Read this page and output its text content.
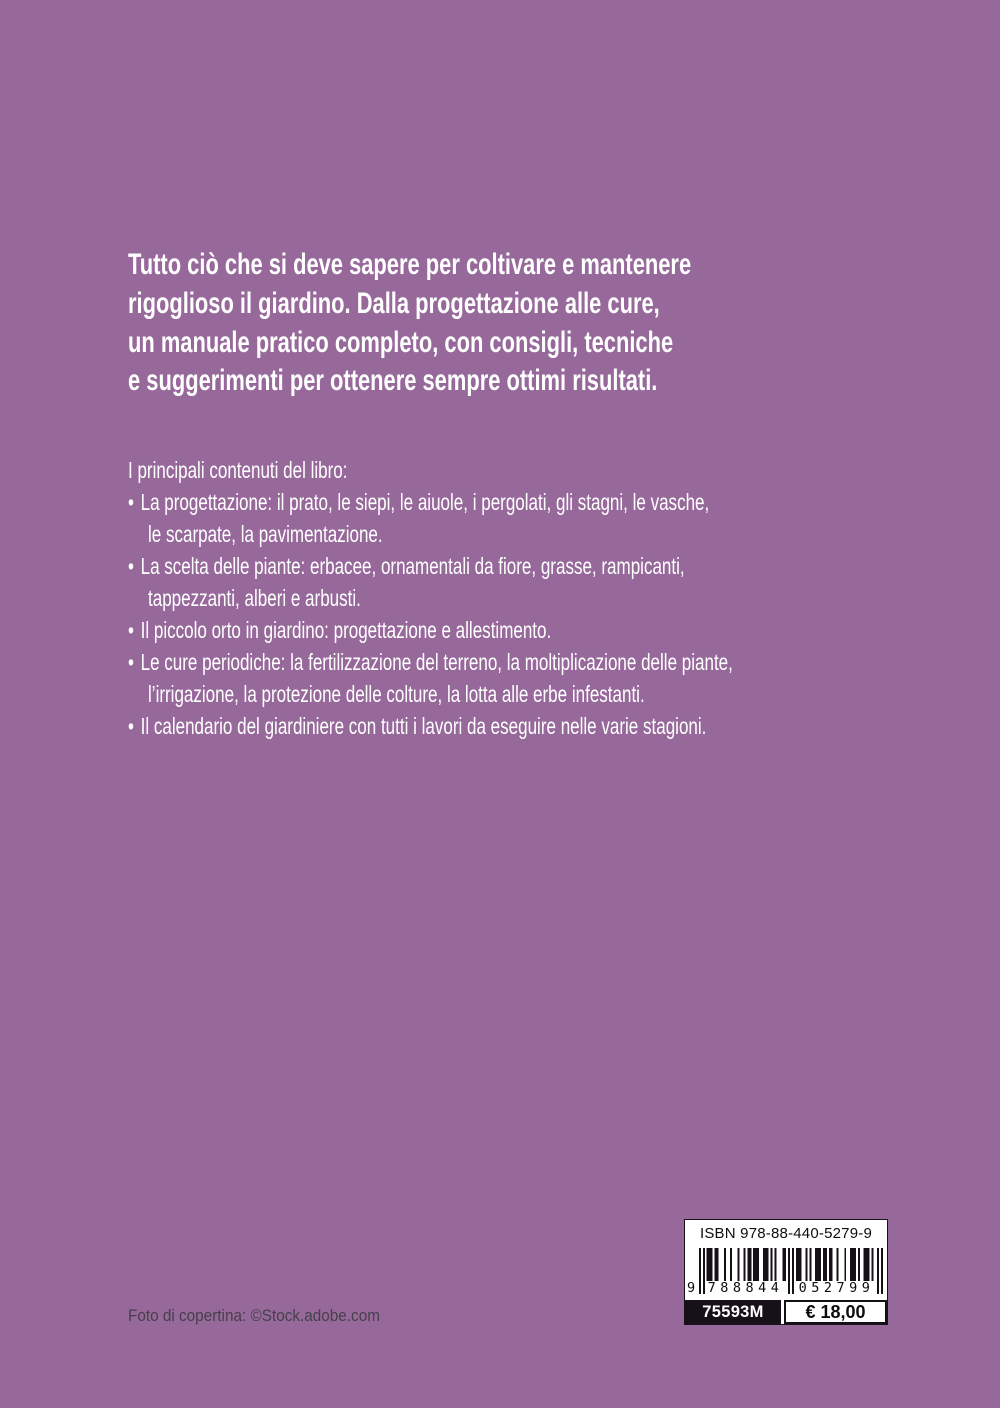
Tutto ciò che si deve sapere per coltivare e mantenere
rigoglioso il giardino. Dalla progettazione alle cure,
un manuale pratico completo, con consigli, tecniche
e suggerimenti per ottenere sempre ottimi risultati.
I principali contenuti del libro:
• La progettazione: il prato, le siepi, le aiuole, i pergolati, gli stagni, le vasche,
le scarpate, la pavimentazione.
• La scelta delle piante: erbacee, ornamentali da fiore, grasse, rampicanti,
tappezzanti, alberi e arbusti.
• Il piccolo orto in giardino: progettazione e allestimento.
• Le cure periodiche: la fertilizzazione del terreno, la moltiplicazione delle piante,
l’irrigazione, la protezione delle colture, la lotta alle erbe infestanti.
• Il calendario del giardiniere con tutti i lavori da eseguire nelle varie stagioni.
Foto di copertina: ©Stock.adobe.com
ISBN 978-88-440-5279-9
9 788844 052799
75593M	€ 18,00
